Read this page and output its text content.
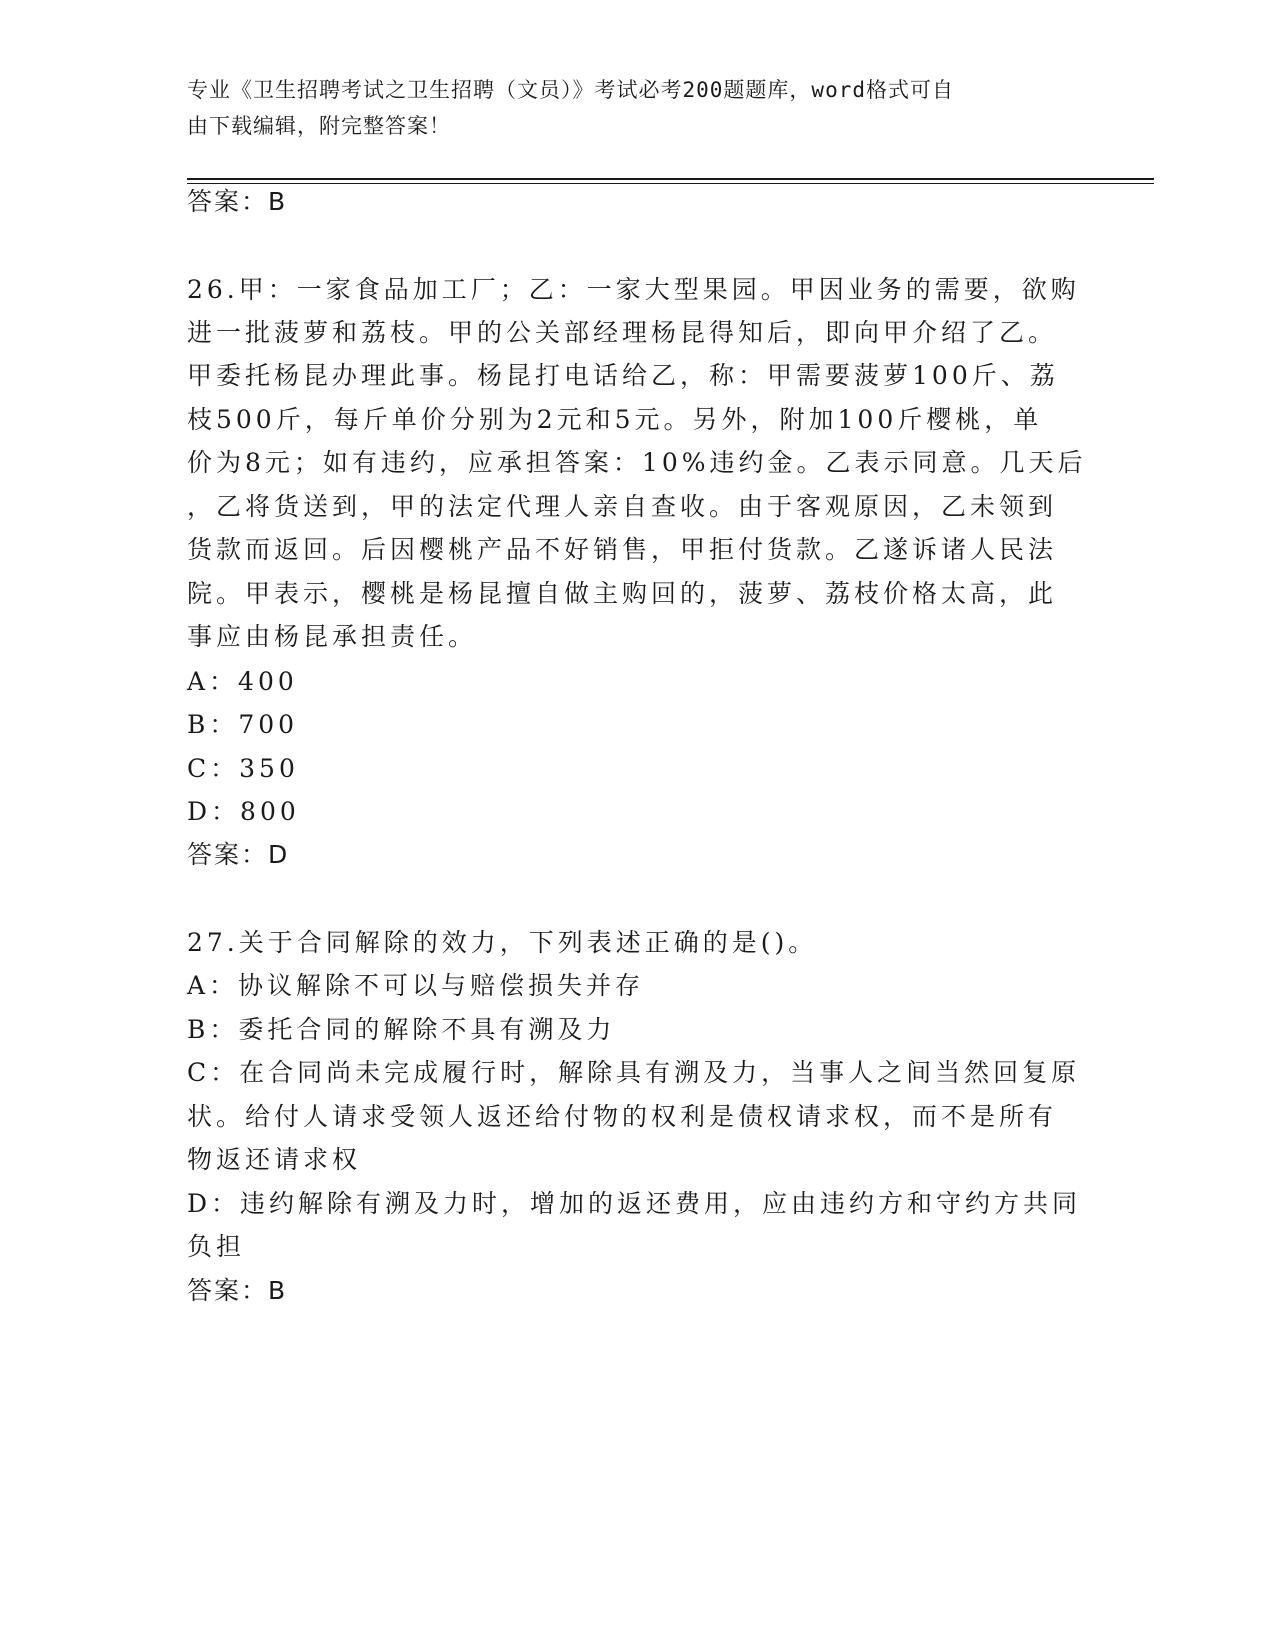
专业《卫生招聘考试之卫生招聘（文员）》考试必考200题题库，word格式可自
由下载编辑，附完整答案！
答案：B
26.甲：一家食品加工厂；乙：一家大型果园。甲因业务的需要，欲购
进一批菠萝和荔枝。甲的公关部经理杨昆得知后，即向甲介绍了乙。
甲委托杨昆办理此事。杨昆打电话给乙，称：甲需要菠萝100斤、荔
枝500斤，每斤单价分别为2元和5元。另外，附加100斤樱桃，单
价为8元；如有违约，应承担答案：10%违约金。乙表示同意。几天后
，乙将货送到，甲的法定代理人亲自查收。由于客观原因，乙未领到
货款而返回。后因樱桃产品不好销售，甲拒付货款。乙遂诉诸人民法
院。甲表示，樱桃是杨昆擅自做主购回的，菠萝、荔枝价格太高，此
事应由杨昆承担责任。
A：400
B：700
C：350
D：800
答案：D
27.关于合同解除的效力，下列表述正确的是()。
A：协议解除不可以与赔偿损失并存
B：委托合同的解除不具有溯及力
C：在合同尚未完成履行时，解除具有溯及力，当事人之间当然回复原
状。给付人请求受领人返还给付物的权利是债权请求权，而不是所有
物返还请求权
D：违约解除有溯及力时，增加的返还费用，应由违约方和守约方共同
负担
答案：B
